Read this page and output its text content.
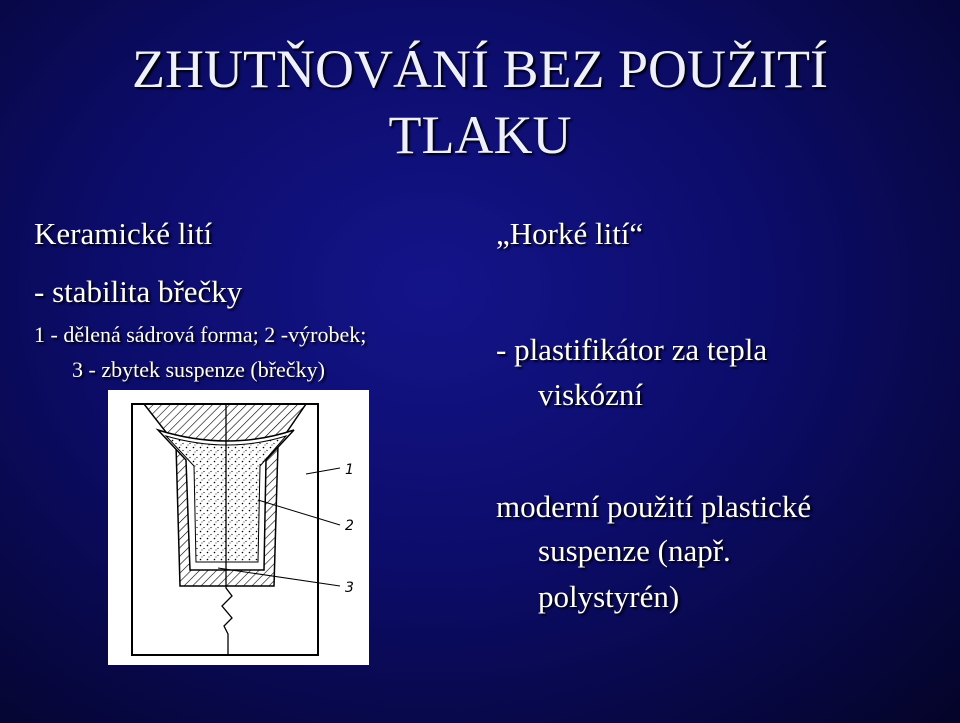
ZHUTŇOVÁNÍ BEZ POUŽITÍ
TLAKU
Keramické lití
- stabilita břečky
1 - dělená sádrová forma; 2 -výrobek;
3 - zbytek suspenze (břečky)
1
2
3
„Horké lití“
- plastifikátor za tepla
viskózní
moderní použití plastické
suspenze (např.
polystyrén)
